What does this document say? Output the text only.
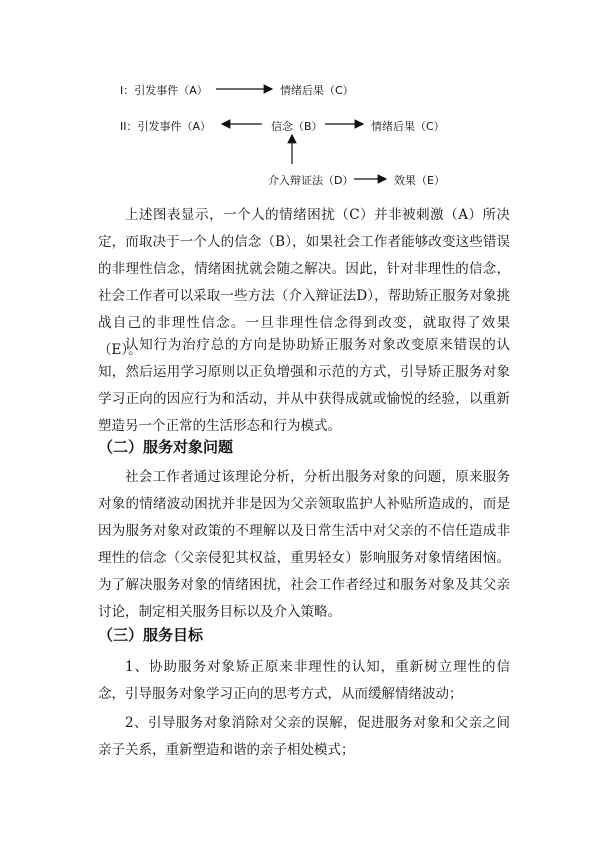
I：引发事件（A）	情绪后果（C）
II：引发事件（A）	信念（B）	情绪后果（C）
介入辩证法（D）	效果（E）

上述图表显示，一个人的情绪困扰（C）并非被刺激（A）所决定，而取决于一个人的信念（B），如果社会工作者能够改变这些错误的非理性信念，情绪困扰就会随之解决。因此，针对非理性的信念，社会工作者可以采取一些方法（介入辩证法D），帮助矫正服务对象挑战自己的非理性信念。一旦非理性信念得到改变，就取得了效果（E）。

认知行为治疗总的方向是协助矫正服务对象改变原来错误的认知，然后运用学习原则以正负增强和示范的方式，引导矫正服务对象学习正向的因应行为和活动，并从中获得成就或愉悦的经验，以重新塑造另一个正常的生活形态和行为模式。

（二）服务对象问题

社会工作者通过该理论分析，分析出服务对象的问题，原来服务对象的情绪波动困扰并非是因为父亲领取监护人补贴所造成的，而是因为服务对象对政策的不理解以及日常生活中对父亲的不信任造成非理性的信念（父亲侵犯其权益，重男轻女）影响服务对象情绪困恼。为了解决服务对象的情绪困扰，社会工作者经过和服务对象及其父亲讨论，制定相关服务目标以及介入策略。

（三）服务目标

1、协助服务对象矫正原来非理性的认知，重新树立理性的信念，引导服务对象学习正向的思考方式，从而缓解情绪波动；

2、引导服务对象消除对父亲的误解，促进服务对象和父亲之间亲子关系，重新塑造和谐的亲子相处模式；
